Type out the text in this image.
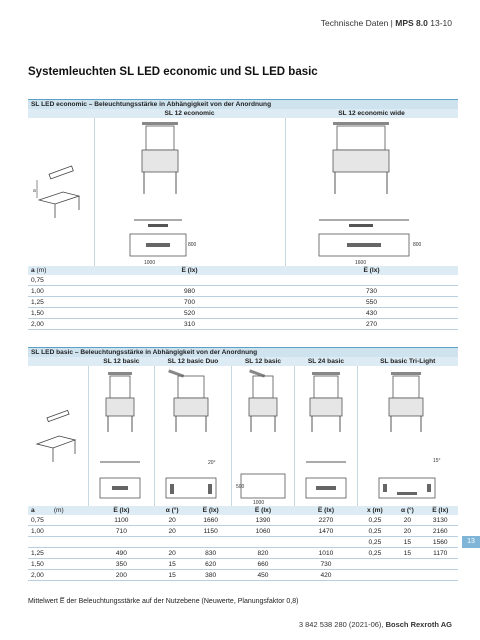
Technische Daten | MPS 8.0 13-10
Systemleuchten SL LED economic und SL LED basic
SL LED economic – Beleuchtungsstärke in Abhängigkeit von der Anordnung		
	SL 12 economic	SL 12 economic wide

a	1000
800	1600
800

a (m)	E̅ (lx)	E̅ (lx)
0,75		
1,00	980	730
1,25	700	550
1,50	520	430
2,00	310	270
SL LED basic – Beleuchtungsstärke in Abhängigkeit von der Anordnung									
		SL 12 basic	SL 12 basic Duo		SL 12 basic	SL 24 basic	SL basic Tri-Light		

20°		1000
500		15°		

a	(m)	E̅ (lx)	α (°)	E̅ (lx)	E̅ (lx)	E̅ (lx)	x (m)	α (°)	E̅ (lx)
0,75		1100	20	1660	1390	2270	0,25	20	3130
1,00		710	20	1150	1060	1470	0,25	20	2160
							0,25	15	1560
1,25		490	20	830	820	1010	0,25	15	1170
1,50		350	15	620	660	730			
2,00		200	15	380	450	420			
13
Mittelwert E̅ der Beleuchtungsstärke auf der Nutzebene (Neuwerte, Planungsfaktor 0,8)
3 842 538 280 (2021-06), Bosch Rexroth AG
